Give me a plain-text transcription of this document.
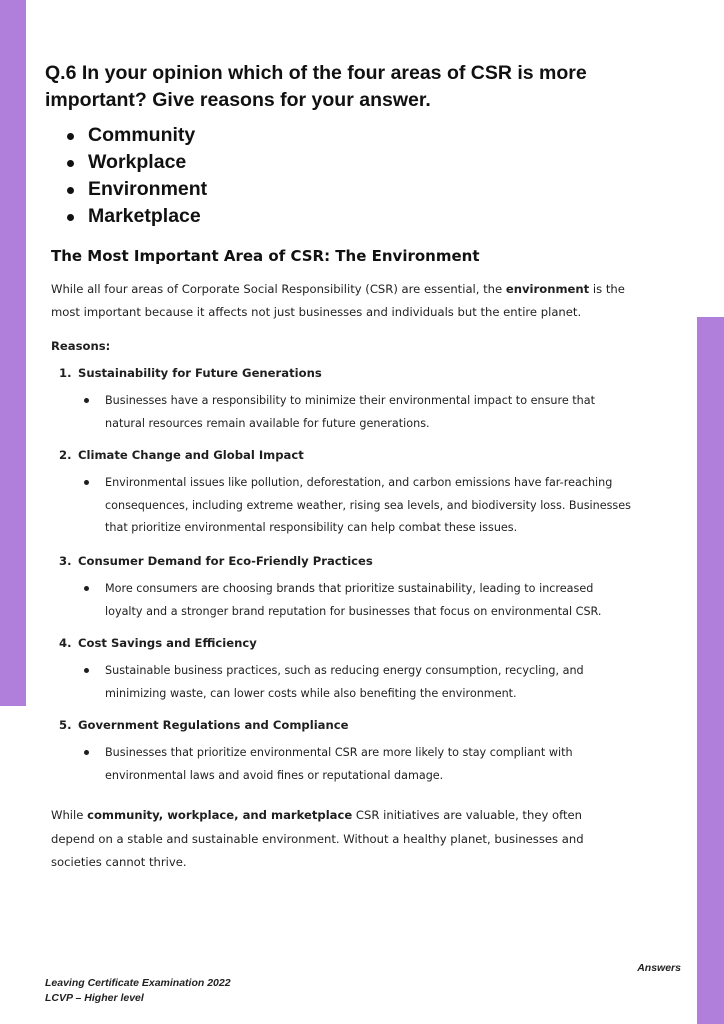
Q.6 In your opinion which of the four areas of CSR is more important? Give reasons for your answer.
Community
Workplace
Environment
Marketplace
The Most Important Area of CSR: The Environment
While all four areas of Corporate Social Responsibility (CSR) are essential, the environment is the most important because it affects not just businesses and individuals but the entire planet.
Reasons:
1. Sustainability for Future Generations
Businesses have a responsibility to minimize their environmental impact to ensure that natural resources remain available for future generations.
2. Climate Change and Global Impact
Environmental issues like pollution, deforestation, and carbon emissions have far-reaching consequences, including extreme weather, rising sea levels, and biodiversity loss. Businesses that prioritize environmental responsibility can help combat these issues.
3. Consumer Demand for Eco-Friendly Practices
More consumers are choosing brands that prioritize sustainability, leading to increased loyalty and a stronger brand reputation for businesses that focus on environmental CSR.
4. Cost Savings and Efficiency
Sustainable business practices, such as reducing energy consumption, recycling, and minimizing waste, can lower costs while also benefiting the environment.
5. Government Regulations and Compliance
Businesses that prioritize environmental CSR are more likely to stay compliant with environmental laws and avoid fines or reputational damage.
While community, workplace, and marketplace CSR initiatives are valuable, they often depend on a stable and sustainable environment. Without a healthy planet, businesses and societies cannot thrive.
Answers
Leaving Certificate Examination 2022
LCVP – Higher level
